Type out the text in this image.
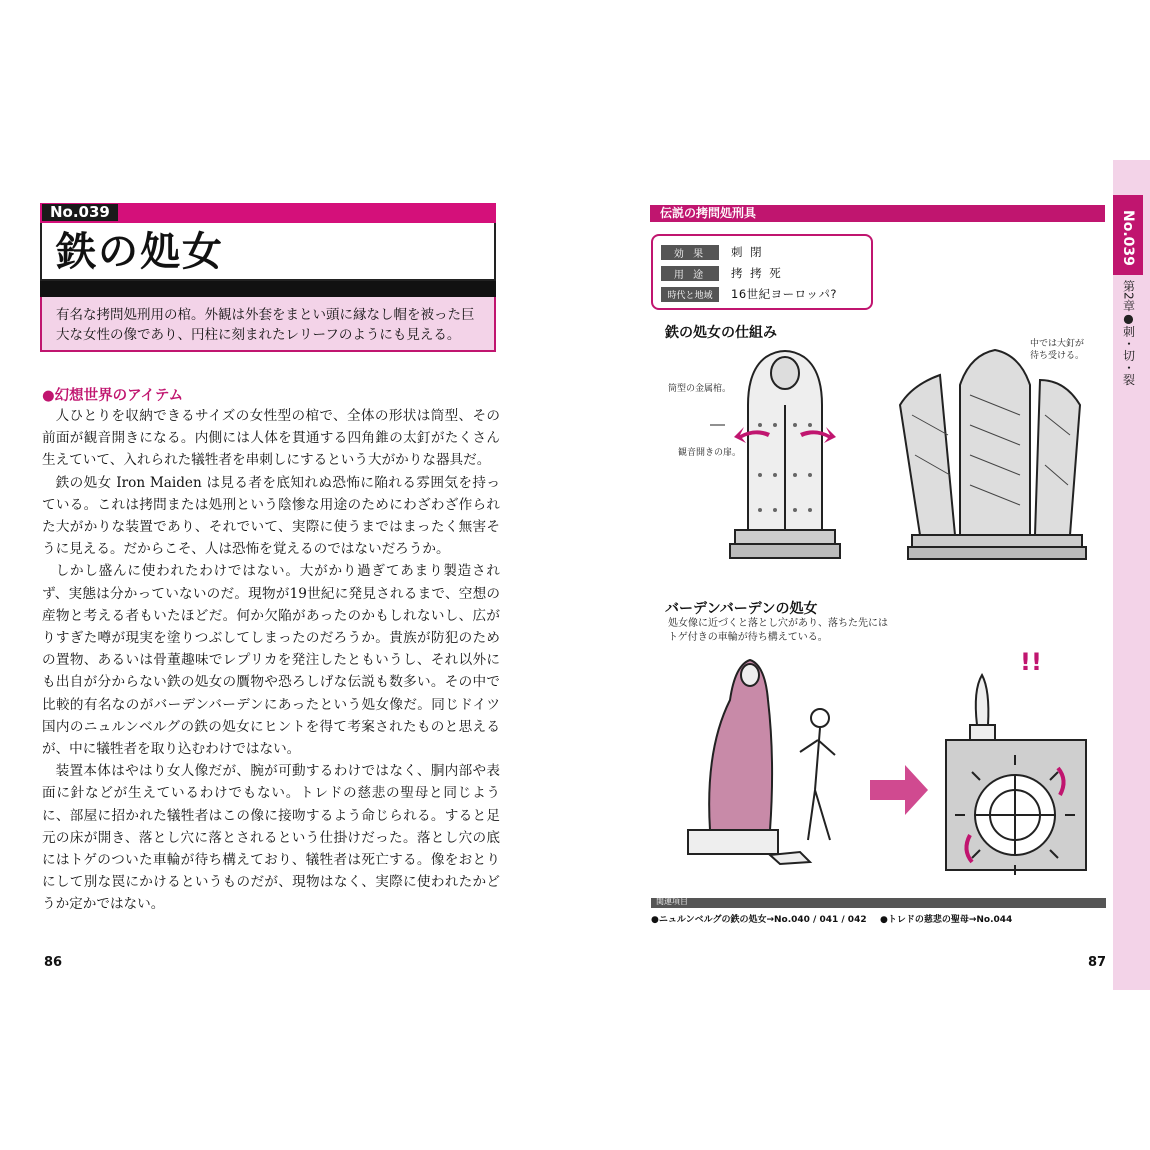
No.039
鉄の処女
有名な拷問処刑用の棺。外観は外套をまとい頭に縁なし帽を被った巨大な女性の像であり、円柱に刻まれたレリーフのようにも見える。
●幻想世界のアイテム

人ひとりを収納できるサイズの女性型の棺で、全体の形状は筒型、その前面が観音開きになる。内側には人体を貫通する四角錐の太釘がたくさん生えていて、入れられた犠牲者を串刺しにするという大がかりな器具だ。

鉄の処女 Iron Maiden は見る者を底知れぬ恐怖に陥れる雰囲気を持っている。これは拷問または処刑という陰惨な用途のためにわざわざ作られた大がかりな装置であり、それでいて、実際に使うまではまったく無害そうに見える。だからこそ、人は恐怖を覚えるのではないだろうか。

しかし盛んに使われたわけではない。大がかり過ぎてあまり製造されず、実態は分かっていないのだ。現物が19世紀に発見されるまで、空想の産物と考える者もいたほどだ。何か欠陥があったのかもしれないし、広がりすぎた噂が現実を塗りつぶしてしまったのだろうか。貴族が防犯のための置物、あるいは骨董趣味でレプリカを発注したともいうし、それ以外にも出自が分からない鉄の処女の贋物や恐ろしげな伝説も数多い。その中で比較的有名なのがバーデンバーデンにあったという処女像だ。同じドイツ国内のニュルンベルグの鉄の処女にヒントを得て考案されたものと思えるが、中に犠牲者を取り込むわけではない。

装置本体はやはり女人像だが、腕が可動するわけではなく、胴内部や表面に針などが生えているわけでもない。トレドの慈悲の聖母と同じように、部屋に招かれた犠牲者はこの像に接吻するよう命じられる。すると足元の床が開き、落とし穴に落とされるという仕掛けだった。落とし穴の底にはトゲのついた車輪が待ち構えており、犠牲者は死亡する。像をおとりにして別な罠にかけるというものだが、現物はなく、実際に使われたかどうか定かではない。

86
No.039
第2章●刺・切・裂
伝説の拷問処刑具
効 果	刺 閉
用 途	拷 拷 死
時代と地域	16世紀ヨーロッパ?
鉄の処女の仕組み
筒型の金属棺。
観音開きの扉。
中では大釘が
待ち受ける。
バーデンバーデンの処女
処女像に近づくと落とし穴があり、落ちた先には
トゲ付きの車輪が待ち構えている。
!!
関連項目
●ニュルンベルグの鉄の処女→No.040 / 041 / 042 ●トレドの慈悲の聖母→No.044
87
